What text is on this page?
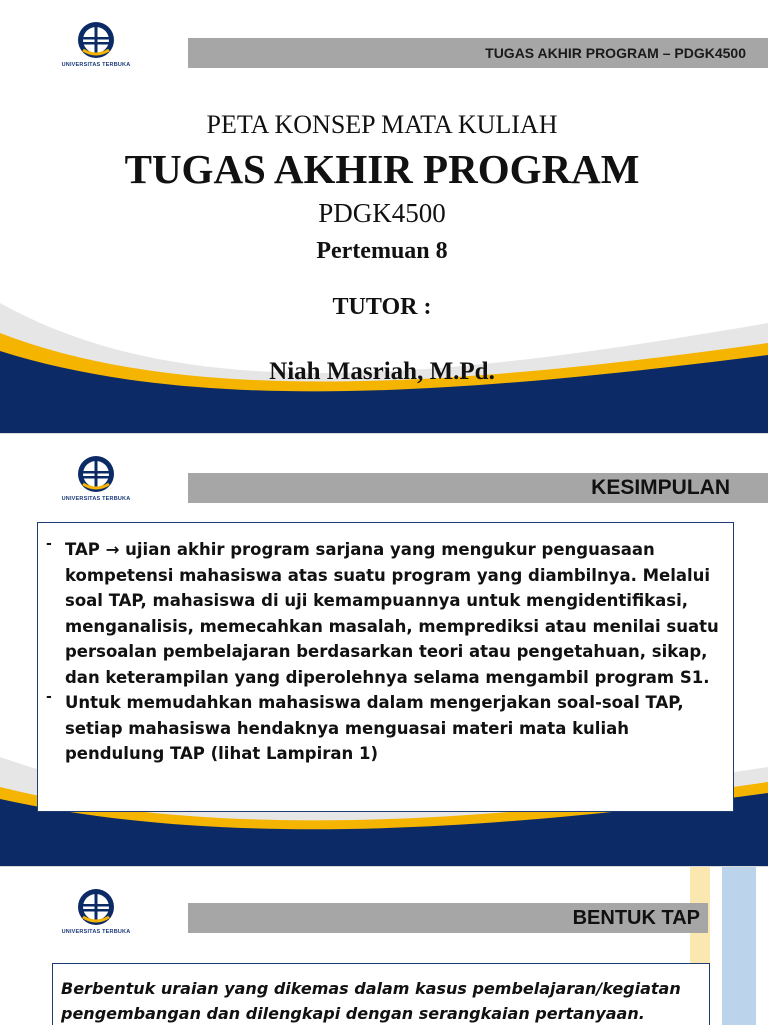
UNIVERSITAS TERBUKA
TUGAS AKHIR PROGRAM – PDGK4500
PETA KONSEP MATA KULIAH
TUGAS AKHIR PROGRAM
PDGK4500
Pertemuan 8
TUTOR :
Niah Masriah, M.Pd.
UNIVERSITAS TERBUKA	KESIMPULAN
- TAP → ujian akhir program sarjana yang mengukur penguasaan kompetensi mahasiswa atas suatu program yang diambilnya. Melalui soal TAP, mahasiswa di uji kemampuannya untuk mengidentifikasi, menganalisis, memecahkan masalah, memprediksi atau menilai suatu persoalan pembelajaran berdasarkan teori atau pengetahuan, sikap, dan keterampilan yang diperolehnya selama mengambil program S1.
- Untuk memudahkan mahasiswa dalam mengerjakan soal-soal TAP, setiap mahasiswa hendaknya menguasai materi mata kuliah pendulung TAP (lihat Lampiran 1)
UNIVERSITAS TERBUKA
BENTUK TAP
Berbentuk uraian yang dikemas dalam kasus pembelajaran/kegiatan pengembangan dan dilengkapi dengan serangkaian pertanyaan.
